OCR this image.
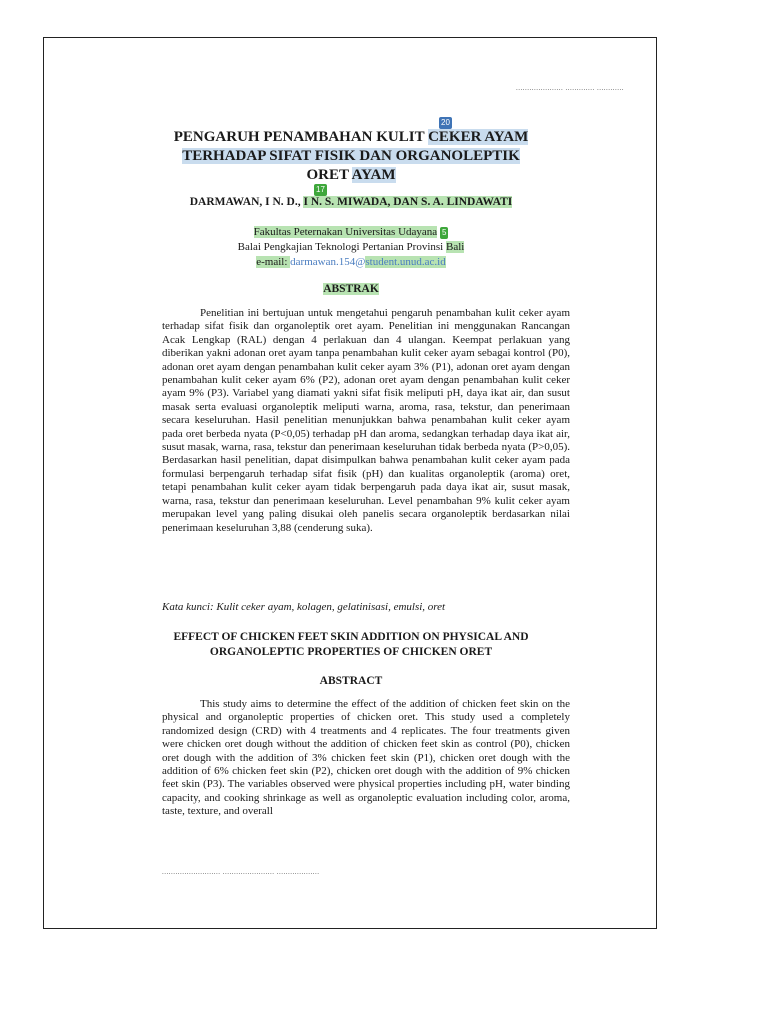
..................... ............. ............
20
PENGARUH PENAMBAHAN KULIT CEKER AYAM
TERHADAP SIFAT FISIK DAN ORGANOLEPTIK
ORET AYAM
17
DARMAWAN, I N. D., I N. S. MIWADA, DAN S. A. LINDAWATI
Fakultas Peternakan Universitas Udayana 5
Balai Pengkajian Teknologi Pertanian Provinsi Bali
e-mail: darmawan.154@student.unud.ac.id
ABSTRAK

Penelitian ini bertujuan untuk mengetahui pengaruh penambahan kulit ceker ayam terhadap sifat fisik dan organoleptik oret ayam. Penelitian ini menggunakan Rancangan Acak Lengkap (RAL) dengan 4 perlakuan dan 4 ulangan. Keempat perlakuan yang diberikan yakni adonan oret ayam tanpa penambahan kulit ceker ayam sebagai kontrol (P0), adonan oret ayam dengan penambahan kulit ceker ayam 3% (P1), adonan oret ayam dengan penambahan kulit ceker ayam 6% (P2), adonan oret ayam dengan penambahan kulit ceker ayam 9% (P3). Variabel yang diamati yakni sifat fisik meliputi pH, daya ikat air, dan susut masak serta evaluasi organoleptik meliputi warna, aroma, rasa, tekstur, dan penerimaan secara keseluruhan. Hasil penelitian menunjukkan bahwa penambahan kulit ceker ayam pada oret berbeda nyata (P<0,05) terhadap pH dan aroma, sedangkan terhadap daya ikat air, susut masak, warna, rasa, tekstur dan penerimaan keseluruhan tidak berbeda nyata (P>0,05). Berdasarkan hasil penelitian, dapat disimpulkan bahwa penambahan kulit ceker ayam pada formulasi berpengaruh terhadap sifat fisik (pH) dan kualitas organoleptik (aroma) oret, tetapi penambahan kulit ceker ayam tidak berpengaruh pada daya ikat air, susut masak, warna, rasa, tekstur dan penerimaan keseluruhan. Level penambahan 9% kulit ceker ayam merupakan level yang paling disukai oleh panelis secara organoleptik berdasarkan nilai penerimaan keseluruhan 3,88 (cenderung suka).

Kata kunci: Kulit ceker ayam, kolagen, gelatinisasi, emulsi, oret
EFFECT OF CHICKEN FEET SKIN ADDITION ON PHYSICAL AND
ORGANOLEPTIC PROPERTIES OF CHICKEN ORET
ABSTRACT

This study aims to determine the effect of the addition of chicken feet skin on the physical and organoleptic properties of chicken oret. This study used a completely randomized design (CRD) with 4 treatments and 4 replicates. The four treatments given were chicken oret dough without the addition of chicken feet skin as control (P0), chicken oret dough with the addition of 3% chicken feet skin (P1), chicken oret dough with the addition of 6% chicken feet skin (P2), chicken oret dough with the addition of 9% chicken feet skin (P3). The variables observed were physical properties including pH, water binding capacity, and cooking shrinkage as well as organoleptic evaluation including color, aroma, taste, texture, and overall

.......................... ....................... ...................
